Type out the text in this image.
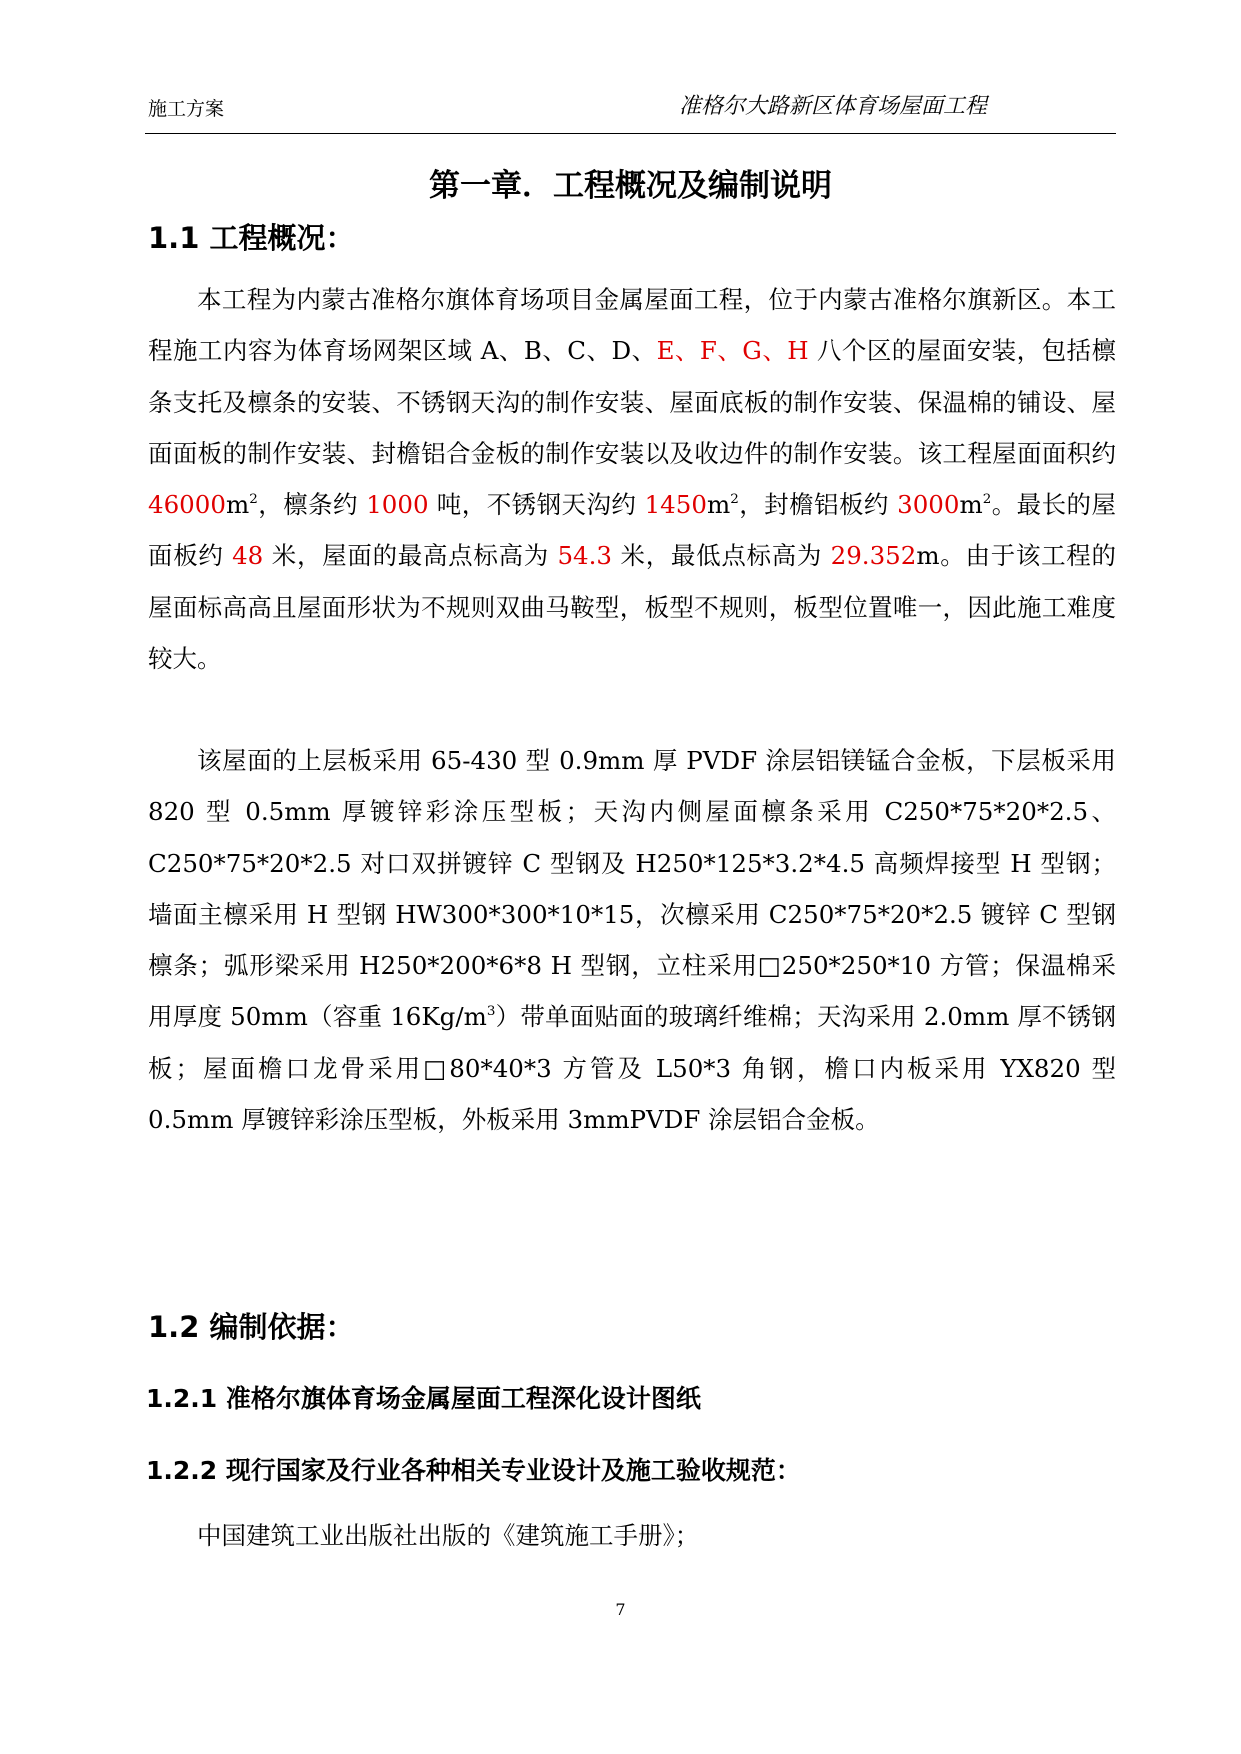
施工方案	准格尔大路新区体育场屋面工程
第一章．工程概况及编制说明
1.1 工程概况：

本工程为内蒙古准格尔旗体育场项目金属屋面工程，位于内蒙古准格尔旗新区。本工程施工内容为体育场网架区域 A、B、C、D、E、F、G、H 八个区的屋面安装，包括檩条支托及檩条的安装、不锈钢天沟的制作安装、屋面底板的制作安装、保温棉的铺设、屋面面板的制作安装、封檐铝合金板的制作安装以及收边件的制作安装。该工程屋面面积约 $46000m^2$，檩条约 1000 吨，不锈钢天沟约 $1450m^2$，封檐铝板约 $3000m^2$。最长的屋面板约 48 米，屋面的最高点标高为 54.3 米，最低点标高为 29.352m。由于该工程的屋面标高高且屋面形状为不规则双曲马鞍型，板型不规则，板型位置唯一，因此施工难度较大。

该屋面的上层板采用 65-430 型 0.9mm 厚 PVDF 涂层铝镁锰合金板，下层板采用 820 型 0.5mm 厚镀锌彩涂压型板；天沟内侧屋面檩条采用 C250*75*20*2.5、C250*75*20*2.5 对口双拼镀锌 C 型钢及 H250*125*3.2*4.5 高频焊接型 H 型钢；墙面主檩采用 H 型钢 HW300*300*10*15，次檩采用 C250*75*20*2.5 镀锌 C 型钢檩条；弧形梁采用 H250*200*6*8 H 型钢，立柱采用□250*250*10 方管；保温棉采用厚度 50mm（容重 $16Kg/m^3$）带单面贴面的玻璃纤维棉；天沟采用 2.0mm 厚不锈钢板；屋面檐口龙骨采用□80*40*3 方管及 L50*3 角钢，檐口内板采用 YX820 型 0.5mm 厚镀锌彩涂压型板，外板采用 3mmPVDF 涂层铝合金板。

1.2 编制依据：
1.2.1 准格尔旗体育场金属屋面工程深化设计图纸
1.2.2 现行国家及行业各种相关专业设计及施工验收规范：

中国建筑工业出版社出版的《建筑施工手册》；

7
